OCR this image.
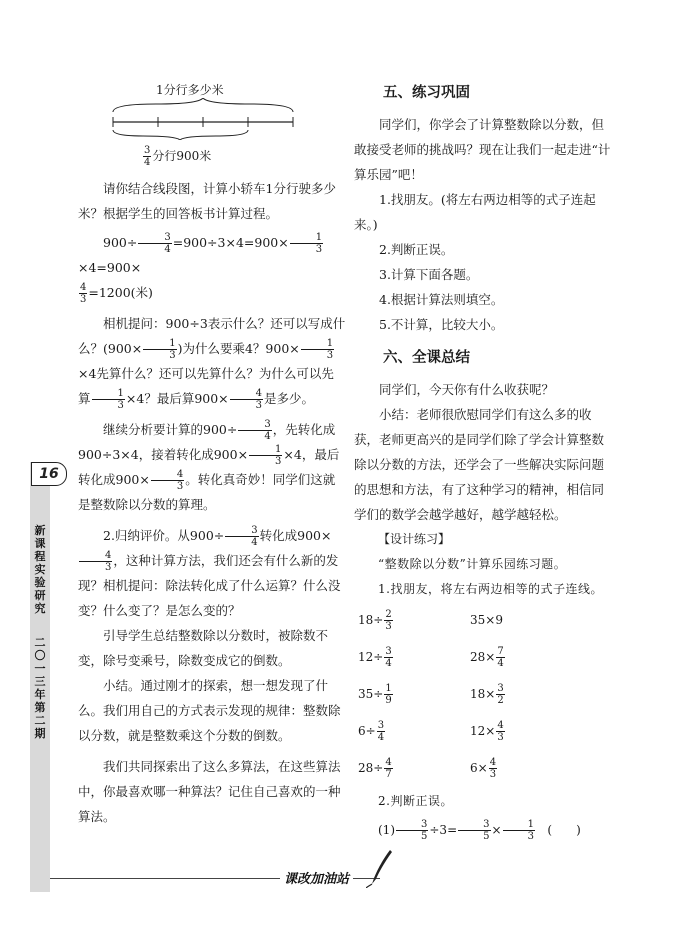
16
新课程实验研究
二〇一三年 第二期
课改加油站
1分行多少米
$\frac{3}{4}$ 分行900米

请你结合线段图，计算小轿车1分行驶多少米？根据学生的回答板书计算过程。

$900\div \frac{3}{4} =900\div 3\times 4=900\times \frac{1}{3}$
×4=900×

$\frac{4}{3} =1200$(米)

相机提问：900÷3表示什么？还可以写成什么？($900\times \frac{1}{3}$ )为什么要乘4？$900\times \frac{1}{3}$
×4先算什么？还可以先算什么？为什么可以先算 $\frac{1}{3} \times 4$？最后算$900\times \frac{4}{3}$ 是多少。

继续分析要计算的$900\div \frac{3}{4}$ ，先转化成900÷3×4，接着转化成$900\times \frac{1}{3} \times 4$，最后转化成$900\times \frac{4}{3}$ 。转化真奇妙！同学们这就是整数除以分数的算理。

2.归纳评价。从$900\div \frac{3}{4}$ 转化成900×
$\frac{4}{3}$ ，这种计算方法，我们还会有什么新的发现？相机提问：除法转化成了什么运算？什么没变？什么变了？是怎么变的？

引导学生总结整数除以分数时，被除数不变，除号变乘号，除数变成它的倒数。

小结。通过刚才的探索，想一想发现了什么。我们用自己的方式表示发现的规律：整数除以分数，就是整数乘这个分数的倒数。

我们共同探索出了这么多算法，在这些算法中，你最喜欢哪一种算法？记住自己喜欢的一种算法。

五、练习巩固

同学们，你学会了计算整数除以分数，但敢接受老师的挑战吗？现在让我们一起走进“计算乐园”吧！

1.找朋友。(将左右两边相等的式子连起来。)

2.判断正误。

3.计算下面各题。

4.根据计算法则填空。

5.不计算，比较大小。

六、全课总结

同学们，今天你有什么收获呢？

小结：老师很欣慰同学们有这么多的收获，老师更高兴的是同学们除了学会计算整数除以分数的方法，还学会了一些解决实际问题的思想和方法，有了这种学习的精神，相信同学们的数学会越学越好，越学越轻松。

【设计练习】

“整数除以分数”计算乐园练习题。

1.找朋友，将左右两边相等的式子连线。

$18\div \frac{2}{3}$	35×9
$12\div \frac{3}{4}$	$28\times \frac{7}{4}$
$35\div \frac{1}{9}$	$18\times \frac{3}{2}$
$6\div \frac{3}{4}$	$12\times \frac{4}{3}$
$28\div \frac{4}{7}$	$6\times \frac{4}{3}$

2.判断正误。

$(1) \frac{3}{5} \div 3= \frac{3}{5} \times \frac{1}{3}$ (　　)
